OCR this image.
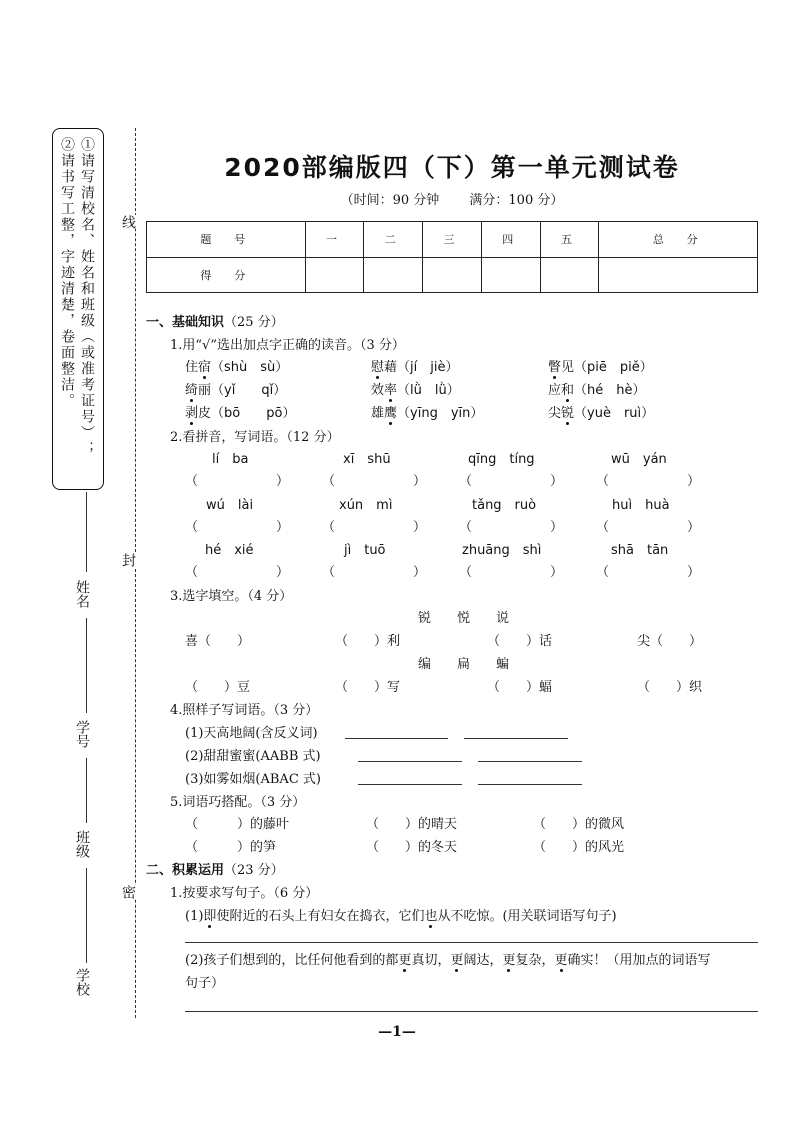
①请写清校名、姓名和班级（或准考证号）；
②请书写工整，字迹清楚，卷面整洁。	线
封
密
姓名
学号
班级
学校
2020部编版四（下）第一单元测试卷
（时间：90 分钟　　 满分：100 分）
题　号	一	二	三	四	五	总　分
得　分						
一、基础知识（25 分）
1.用“√”选出加点字正确的读音。（3 分）
住宿（shù　sù）	慰藉（jí　jiè）	瞥见（piē　piě）
绮丽（yǐ　　qǐ）	效率（lǜ　lǜ）	应和（hé　hè）
剥皮（bō　　pō）	雄鹰（yīng　yīn）	尖锐（yuè　ruì）
2.看拼音，写词语。（12 分）
lí　ba	xī　shū	qīng　tíng	wū　yán
（　　　　　　）	（　　　　　　）	（　　　　　　）	（　　　　　　）
wú　lài	xún　mì	tǎng　ruò	huì　huà
（　　　　　　）	（　　　　　　）	（　　　　　　）	（　　　　　　）
hé　xié	jì　tuō	zhuāng　shì	shā　tān
（　　　　　　）	（　　　　　　）	（　　　　　　）	（　　　　　　）
3.选字填空。（4 分）
锐　　悦　　说
喜（　　）	（　　）利	（　　）话	尖（　　）
编　　扁　　蝙
（　　）豆	（　　）写	（　　）蝠	（　　）织
4.照样子写词语。（3 分）
(1)天高地阔(含反义词)
(2)甜甜蜜蜜(AABB 式)
(3)如雾如烟(ABAC 式)
5.词语巧搭配。（3 分）
（　　　）的藤叶	（　　）的晴天	（　　）的微风
（　　　）的笋	（　　）的冬天	（　　）的风光
二、积累运用（23 分）
1.按要求写句子。（6 分）
(1)即使附近的石头上有妇女在捣衣，它们也从不吃惊。(用关联词语写句子)
(2)孩子们想到的，比任何他看到的都更真切，更阔达，更复杂，更确实！（用加点的词语写
句子）
—1—
